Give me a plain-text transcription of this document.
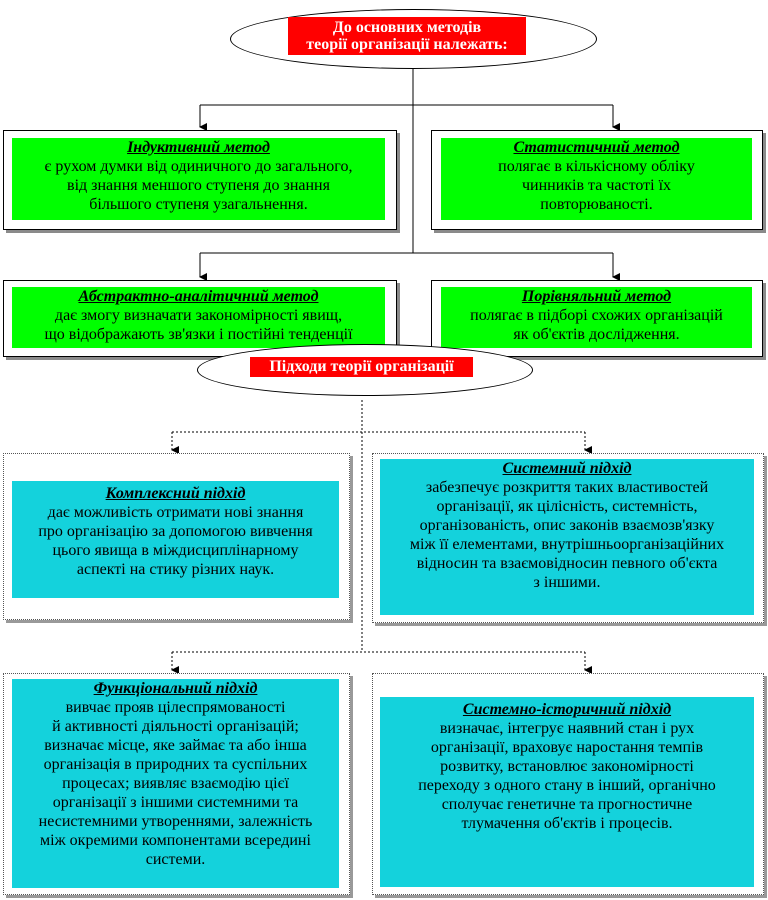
До основних методів
теорії організації належать:
Індуктивний метод
є рухом думки від одиничного до загального,
від знання меншого ступеня до знання
більшого ступеня узагальнення.
Статистичний метод
полягає в кількісному обліку
чинників та частоті їх
повторюваності.
Абстрактно-аналітичний метод
дає змогу визначати закономірності явищ,
що відображають зв'язки і постійні тенденції
Порівняльний метод
полягає в підборі схожих організацій
як об'єктів дослідження.
Підходи теорії організації
Комплексний підхід
дає можливість отримати нові знання
про організацію за допомогою вивчення
цього явища в міждисциплінарному
аспекті на стику різних наук.
Системний підхід
забезпечує розкриття таких властивостей
організації, як цілісність, системність,
організованість, опис законів взаємозв'язку
між її елементами, внутрішньоорганізаційних
відносин та взаємовідносин певного об'єкта
з іншими.
Функціональний підхід
вивчає прояв цілеспрямованості
й активності діяльності організацій;
визначає місце, яке займає та або інша
організація в природних та суспільних
процесах; виявляє взаємодію цієї
організації з іншими системними та
несистемними утвореннями, залежність
між окремими компонентами всередині
системи.
Системно-історичний підхід
визначає, інтегрує наявний стан і рух
організації, враховує наростання темпів
розвитку, встановлює закономірності
переходу з одного стану в інший, органічно
сполучає генетичне та прогностичне
тлумачення об'єктів і процесів.
